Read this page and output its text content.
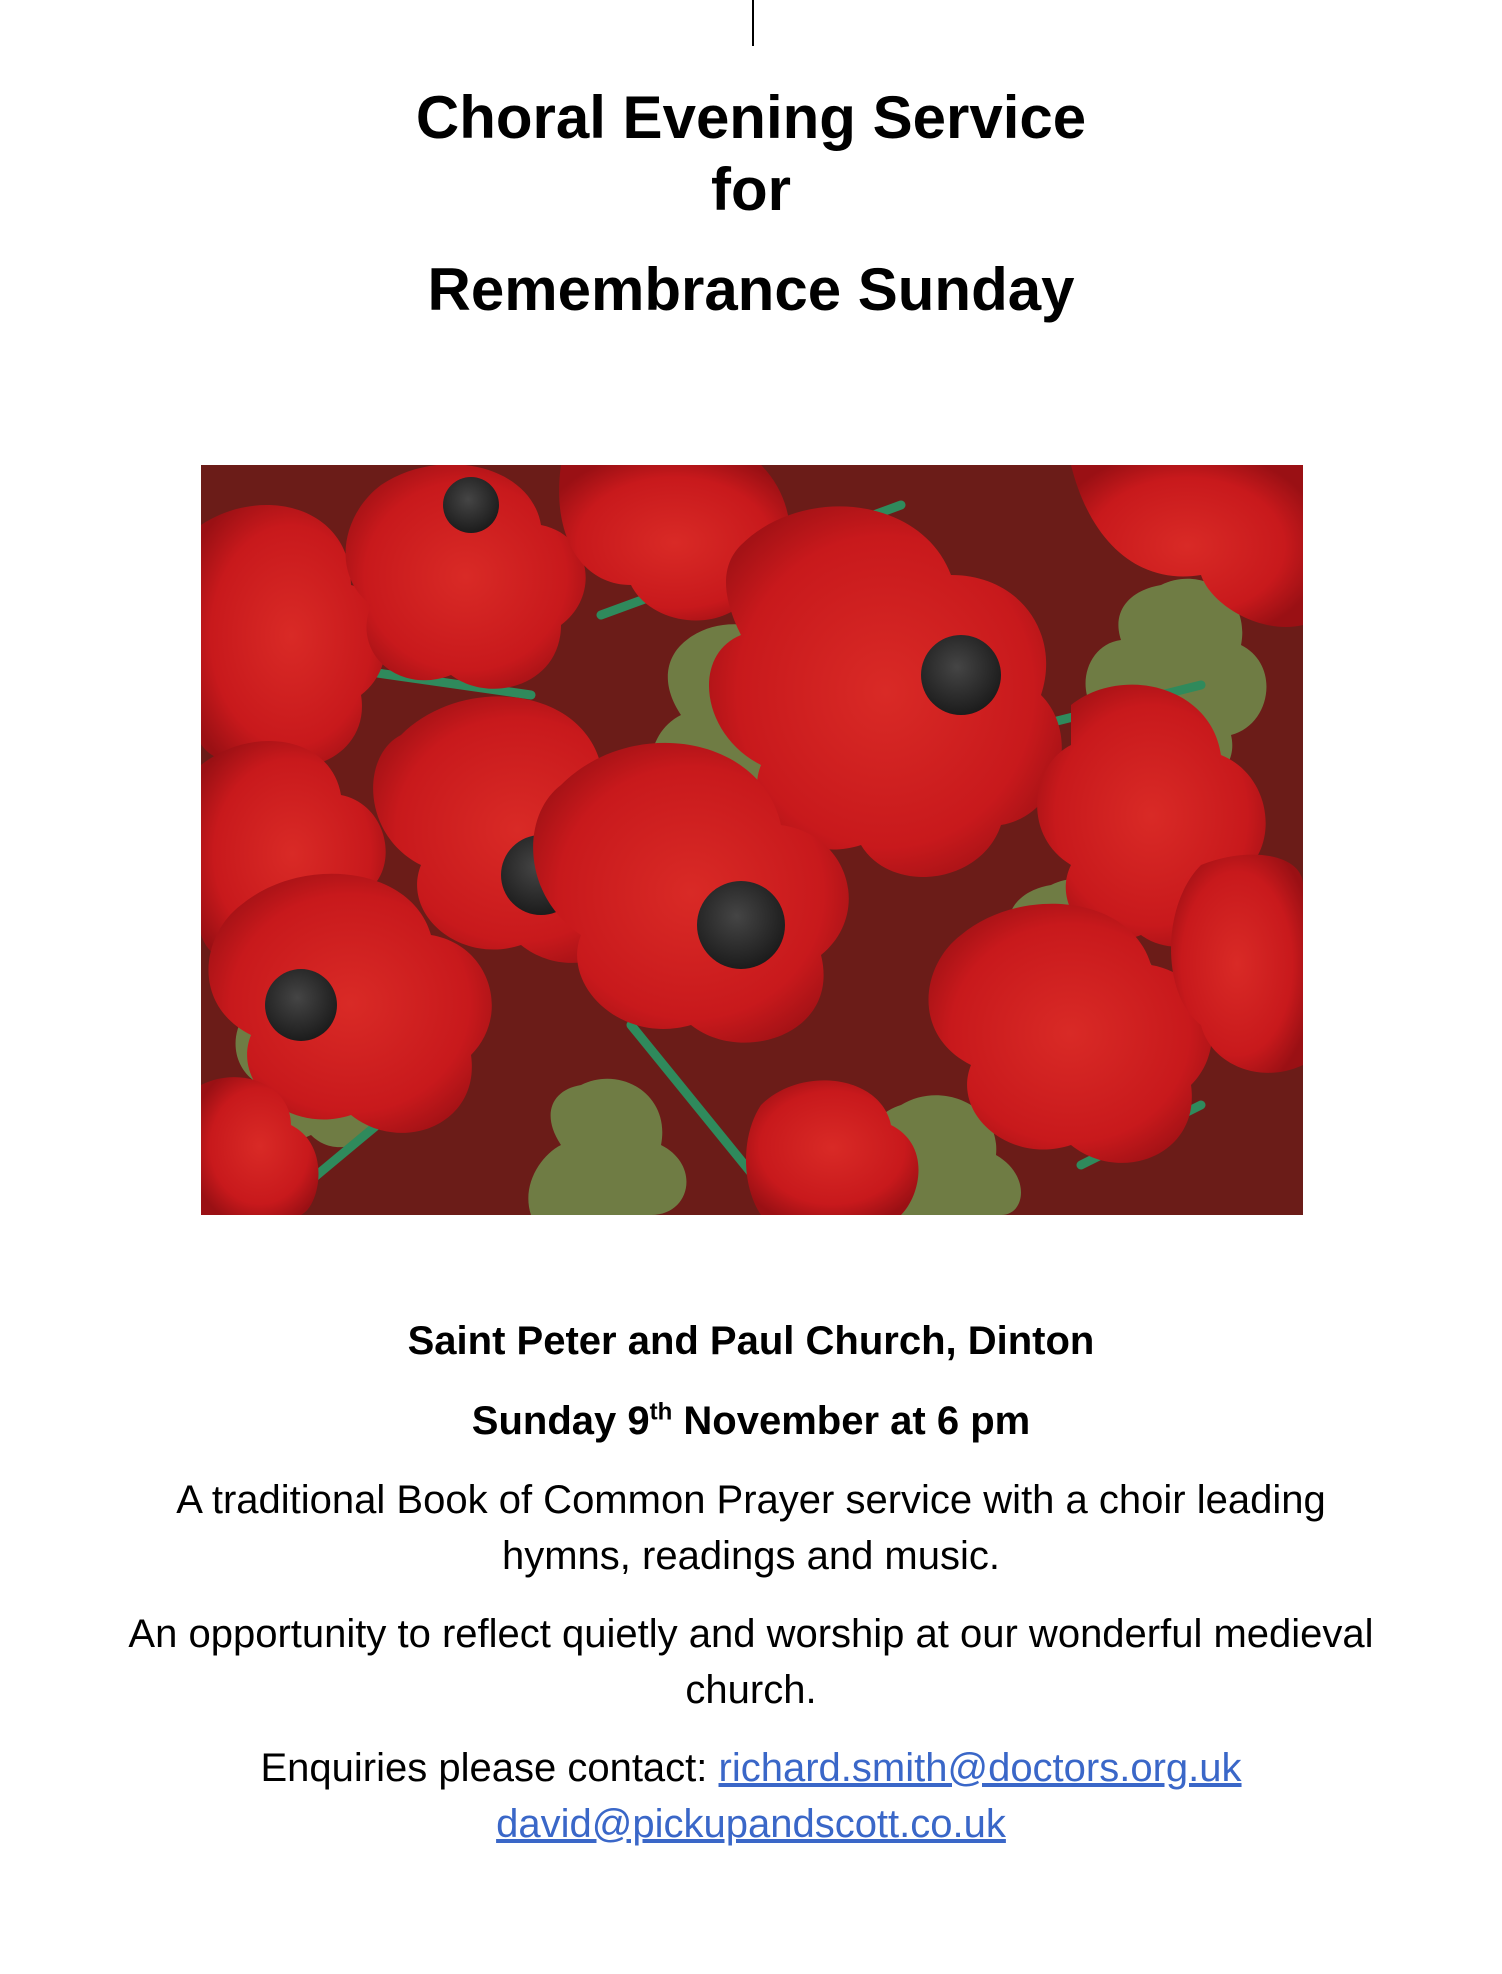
Choral Evening Service
for
Remembrance Sunday
Saint Peter and Paul Church, Dinton
Sunday 9th November at 6 pm
A traditional Book of Common Prayer service with a choir leading hymns, readings and music.
An opportunity to reflect quietly and worship at our wonderful medieval church.
Enquiries please contact: richard.smith@doctors.org.uk
david@pickupandscott.co.uk
